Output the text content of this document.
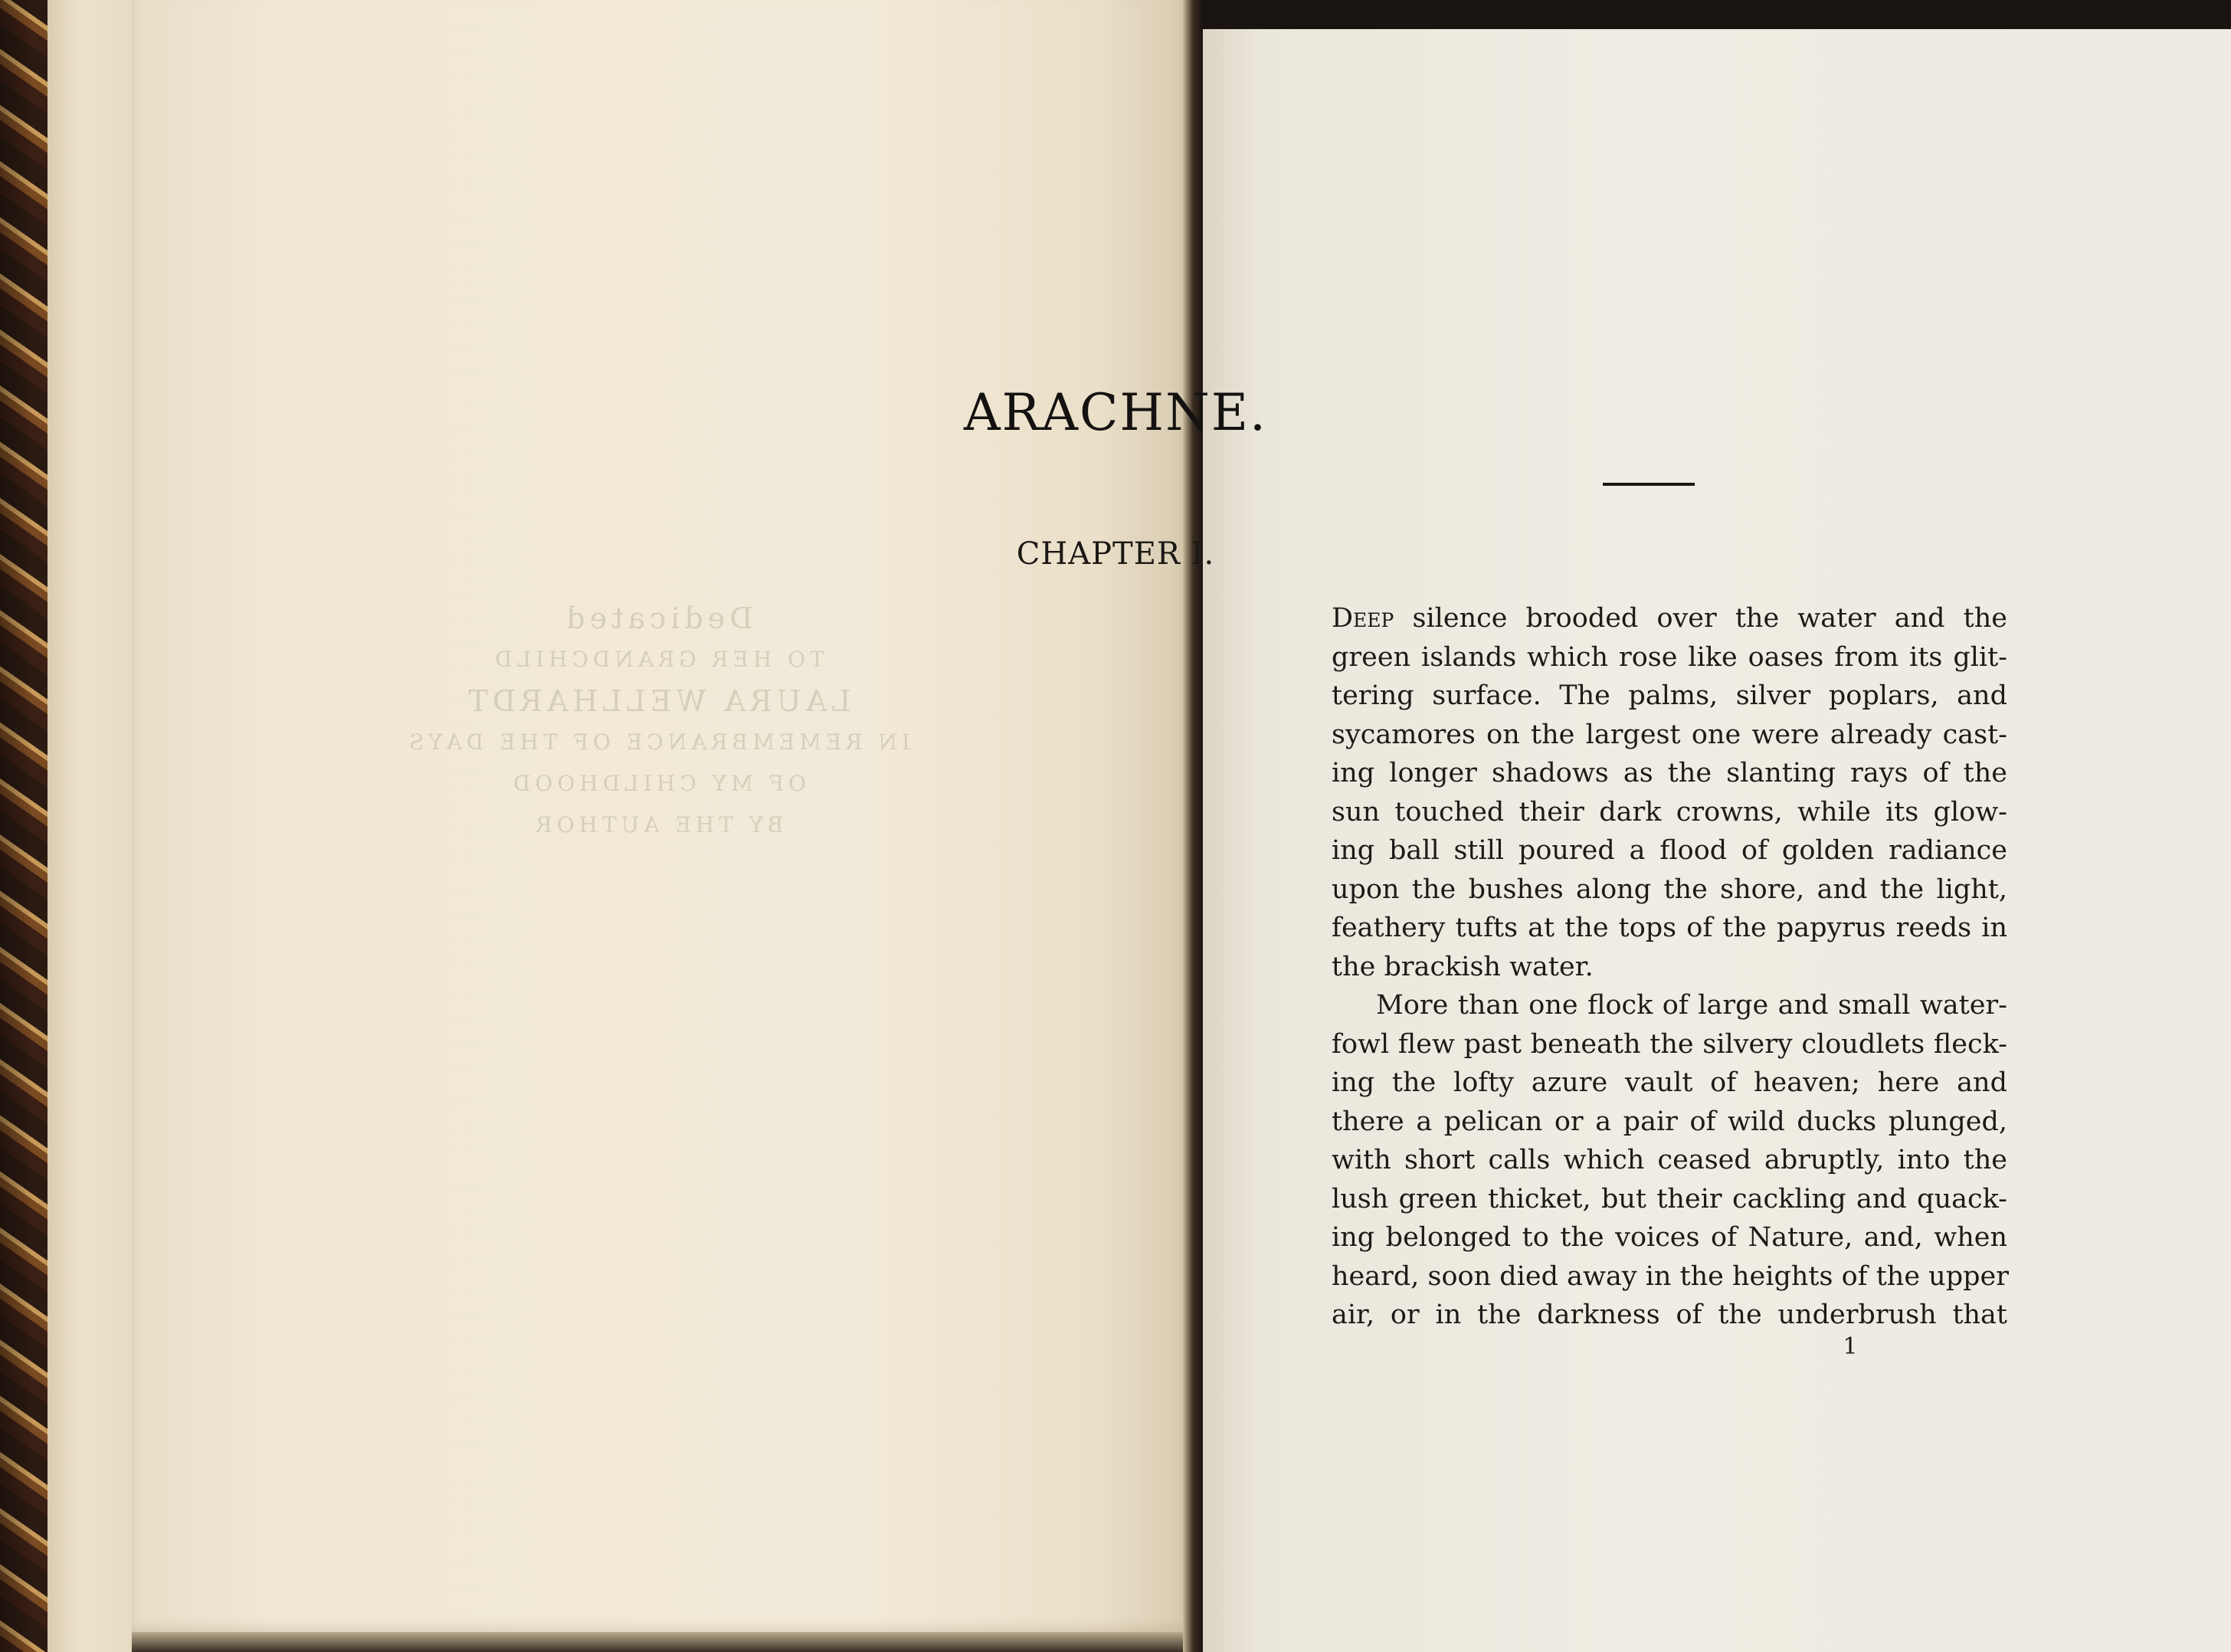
Dedicated
TO HER GRANDCHILD
LAURA WELLHARDT
IN REMEMBRANCE OF THE DAYS
OF MY CHILDHOOD
BY THE AUTHOR
ARACHNE.
CHAPTER I.

Deep silence brooded over the water and the
green islands which rose like oases from its glit-
tering surface. The palms, silver poplars, and
sycamores on the largest one were already cast-
ing longer shadows as the slanting rays of the
sun touched their dark crowns, while its glow-
ing ball still poured a flood of golden radiance
upon the bushes along the shore, and the light,
feathery tufts at the tops of the papyrus reeds in
the brackish water.

More than one flock of large and small water-
fowl flew past beneath the silvery cloudlets fleck-
ing the lofty azure vault of heaven; here and
there a pelican or a pair of wild ducks plunged,
with short calls which ceased abruptly, into the
lush green thicket, but their cackling and quack-
ing belonged to the voices of Nature, and, when
heard, soon died away in the heights of the upper
air, or in the darkness of the underbrush that

1
